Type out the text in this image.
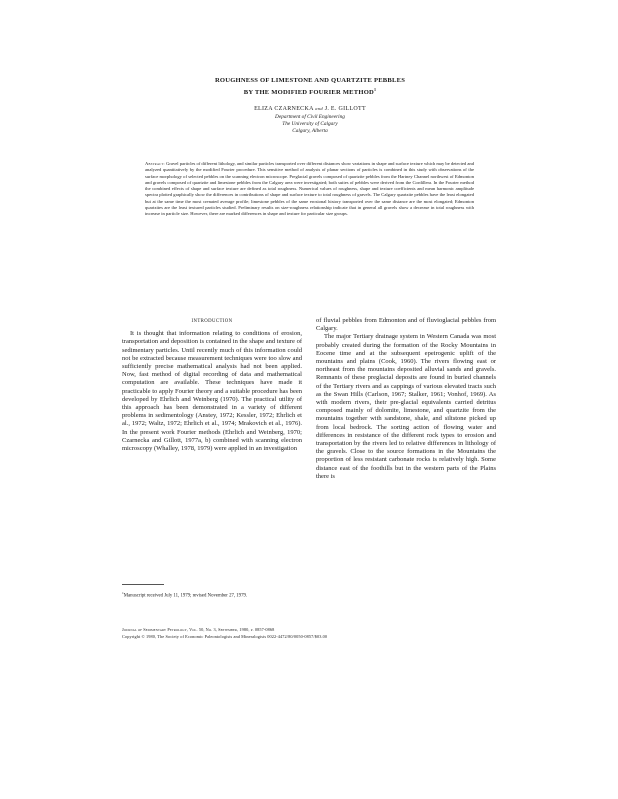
ROUGHNESS OF LIMESTONE AND QUARTZITE PEBBLES
BY THE MODIFIED FOURIER METHOD$^1$
ELIZA CZARNECKA and J. E. GILLOTT
Department of Civil Engineering
The University of Calgary
Calgary, Alberta
Abstract: Gravel particles of different lithology, and similar particles transported over different distances show variations in shape and surface texture which may be detected and analyzed quantitatively by the modified Fourier procedure. This sensitive method of analysis of planar sections of particles is combined in this study with observations of the surface morphology of selected pebbles on the scanning electron microscope. Preglacial gravels composed of quartzite pebbles from the Hartney Channel northwest of Edmonton and gravels composed of quartzite and limestone pebbles from the Calgary area were investigated; both suites of pebbles were derived from the Cordillera. In the Fourier method the combined effects of shape and surface texture are defined as total roughness. Numerical values of roughness, shape and texture coefficients and mean harmonic amplitude spectra plotted graphically show the differences in contributions of shape and surface texture to total roughness of gravels. The Calgary quartzite pebbles have the least elongated but at the same time the most crenated average profile; limestone pebbles of the same erosional history transported over the same distance are the most elongated; Edmonton quartzites are the least textured particles studied. Preliminary results on size-roughness relationship indicate that in general all gravels show a decrease in total roughness with increase in particle size. However, there are marked differences in shape and texture for particular size groups.
INTRODUCTION

It is thought that information relating to conditions of erosion, transportation and deposition is contained in the shape and texture of sedimentary particles. Until recently much of this information could not be extracted because measurement techniques were too slow and sufficiently precise mathematical analysis had not been applied. Now, fast method of digital recording of data and mathematical computation are available. These techniques have made it practicable to apply Fourier theory and a suitable procedure has been developed by Ehrlich and Weinberg (1970). The practical utility of this approach has been demonstrated in a variety of different problems in sedimentology (Anstey, 1972; Kessler, 1972; Ehrlich et al., 1972; Waltz, 1972; Ehrlich et al., 1974; Mrakovich et al., 1976). In the present work Fourier methods (Ehrlich and Weinberg, 1970; Czarnecka and Gillott, 1977a, b) combined with scanning electron microscopy (Whalley, 1978, 1979) were applied in an investigation

of fluvial pebbles from Edmonton and of fluvioglacial pebbles from Calgary.

The major Tertiary drainage system in Western Canada was most probably created during the formation of the Rocky Mountains in Eocene time and at the subsequent epeirogenic uplift of the mountains and plains (Cook, 1960). The rivers flowing east or northeast from the mountains deposited alluvial sands and gravels. Remnants of these preglacial deposits are found in buried channels of the Tertiary rivers and as cappings of various elevated tracts such as the Swan Hills (Carlson, 1967; Stalker, 1961; Vonhof, 1969). As with modern rivers, their pre-glacial equivalents carried detritus composed mainly of dolomite, limestone, and quartzite from the mountains together with sandstone, shale, and siltstone picked up from local bedrock. The sorting action of flowing water and differences in resistance of the different rock types to erosion and transportation by the rivers led to relative differences in lithology of the gravels. Close to the source formations in the Mountains the proportion of less resistant carbonate rocks is relatively high. Some distance east of the foothills but in the western parts of the Plains there is

$^1$Manuscript received July 11, 1979; revised November 27, 1979.
Journal of Sedimentary Petrology, Vol. 50, No. 3, September, 1980, p. 0857-0868
Copyright © 1980, The Society of Economic Paleontologists and Mineralogists 0022-4472/80/0050-0857/$03.00
